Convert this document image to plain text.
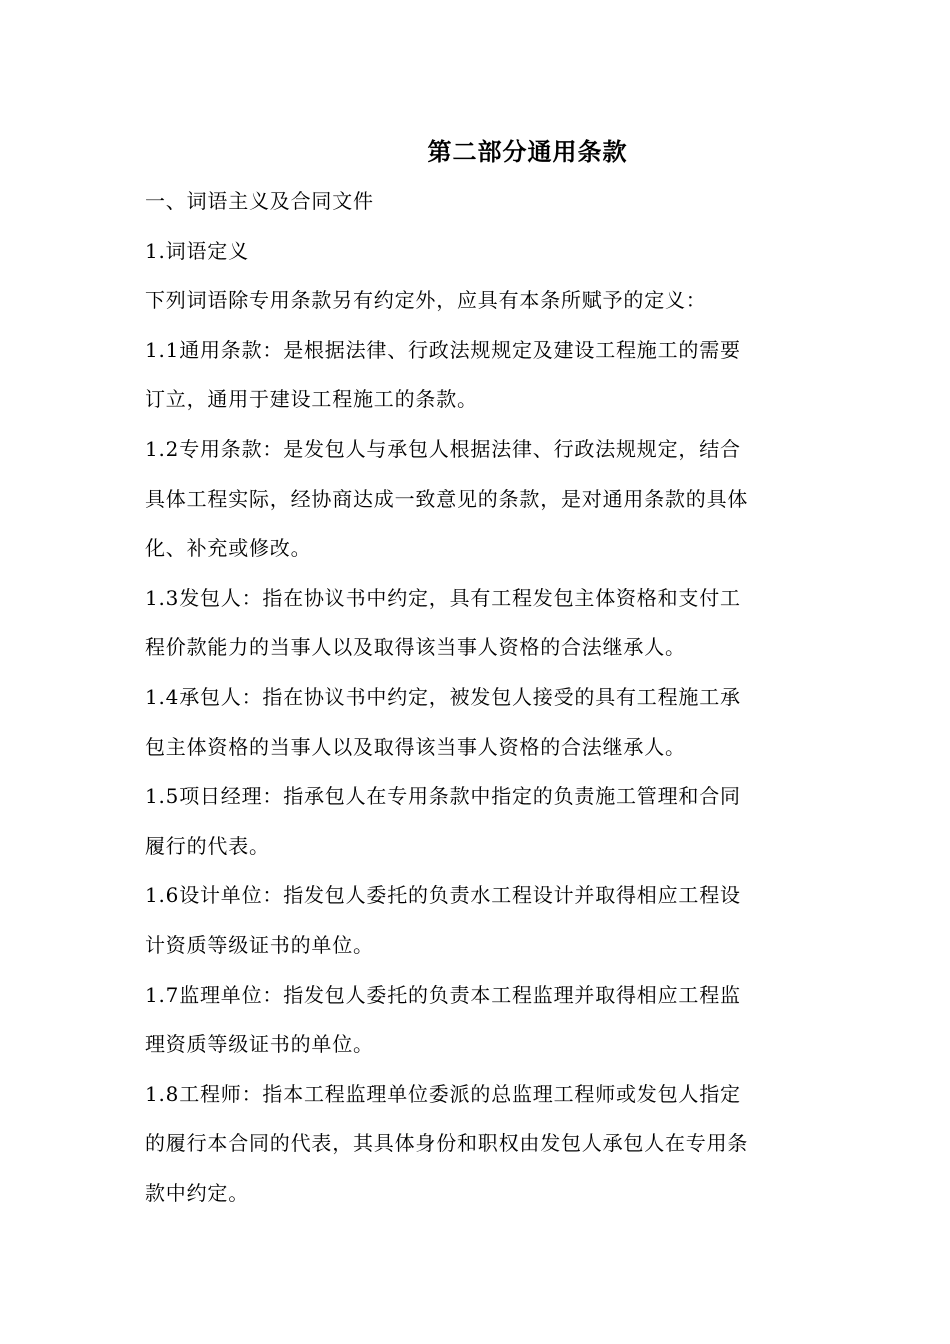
第二部分通用条款
一、词语主义及合同文件
1.词语定义
下列词语除专用条款另有约定外，应具有本条所赋予的定义：
1.1通用条款：是根据法律、行政法规规定及建设工程施工的需要
订立，通用于建设工程施工的条款。
1.2专用条款：是发包人与承包人根据法律、行政法规规定，结合
具体工程实际，经协商达成一致意见的条款，是对通用条款的具体
化、补充或修改。
1.3发包人：指在协议书中约定，具有工程发包主体资格和支付工
程价款能力的当事人以及取得该当事人资格的合法继承人。
1.4承包人：指在协议书中约定，被发包人接受的具有工程施工承
包主体资格的当事人以及取得该当事人资格的合法继承人。
1.5项日经理：指承包人在专用条款中指定的负责施工管理和合同
履行的代表。
1.6设计单位：指发包人委托的负责水工程设计并取得相应工程设
计资质等级证书的单位。
1.7监理单位：指发包人委托的负责本工程监理并取得相应工程监
理资质等级证书的单位。
1.8工程师：指本工程监理单位委派的总监理工程师或发包人指定
的履行本合同的代表，其具体身份和职权由发包人承包人在专用条
款中约定。
